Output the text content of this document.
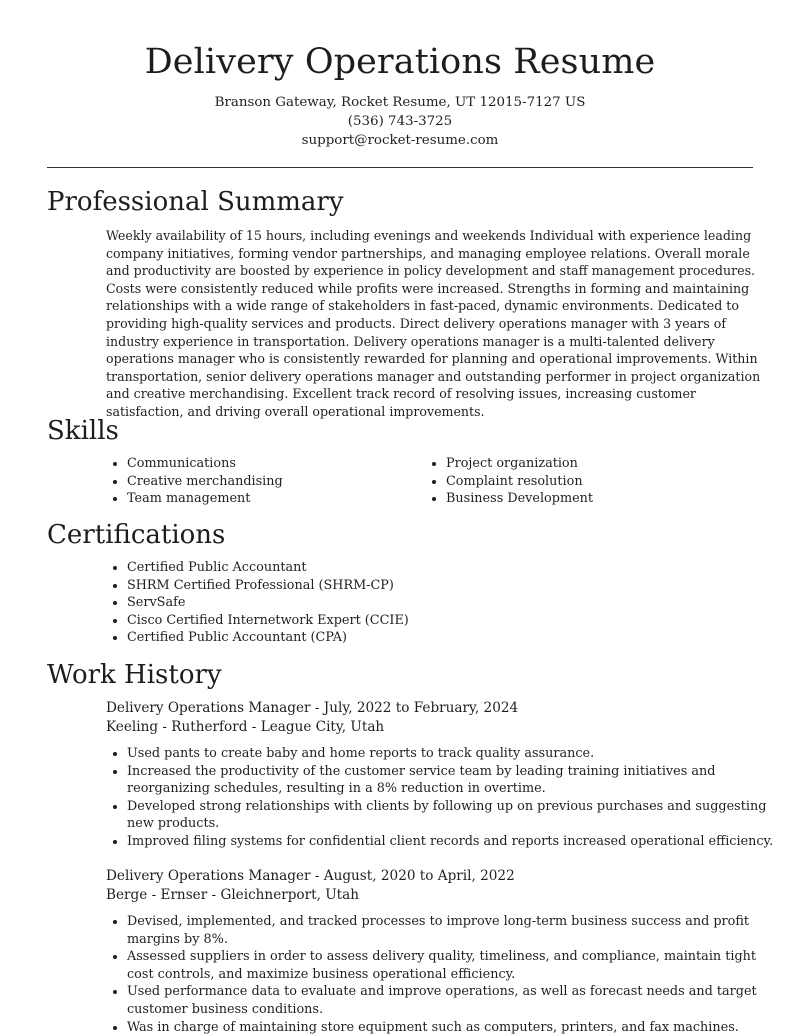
Delivery Operations Resume
Branson Gateway, Rocket Resume, UT 12015-7127 US
(536) 743-3725
support@rocket-resume.com
Professional Summary

Weekly availability of 15 hours, including evenings and weekends Individual with experience leading company initiatives, forming vendor partnerships, and managing employee relations. Overall morale and productivity are boosted by experience in policy development and staff management procedures. Costs were consistently reduced while profits were increased. Strengths in forming and maintaining relationships with a wide range of stakeholders in fast-paced, dynamic environments. Dedicated to providing high-quality services and products. Direct delivery operations manager with 3 years of industry experience in transportation. Delivery operations manager is a multi-talented delivery operations manager who is consistently rewarded for planning and operational improvements. Within transportation, senior delivery operations manager and outstanding performer in project organization and creative merchandising. Excellent track record of resolving issues, increasing customer satisfaction, and driving overall operational improvements.

Skills
• Communications
• Creative merchandising
• Team management
• Project organization
• Complaint resolution
• Business Development
Certifications
• Certified Public Accountant
• SHRM Certified Professional (SHRM-CP)
• ServSafe
• Cisco Certified Internetwork Expert (CCIE)
• Certified Public Accountant (CPA)
Work History
Delivery Operations Manager - July, 2022 to February, 2024
Keeling - Rutherford - League City, Utah
• Used pants to create baby and home reports to track quality assurance.
• Increased the productivity of the customer service team by leading training initiatives and reorganizing schedules, resulting in a 8% reduction in overtime.
• Developed strong relationships with clients by following up on previous purchases and suggesting new products.
• Improved filing systems for confidential client records and reports increased operational efficiency.
Delivery Operations Manager - August, 2020 to April, 2022
Berge - Ernser - Gleichnerport, Utah
• Devised, implemented, and tracked processes to improve long-term business success and profit margins by 8%.
• Assessed suppliers in order to assess delivery quality, timeliness, and compliance, maintain tight cost controls, and maximize business operational efficiency.
• Used performance data to evaluate and improve operations, as well as forecast needs and target customer business conditions.
• Was in charge of maintaining store equipment such as computers, printers, and fax machines.
